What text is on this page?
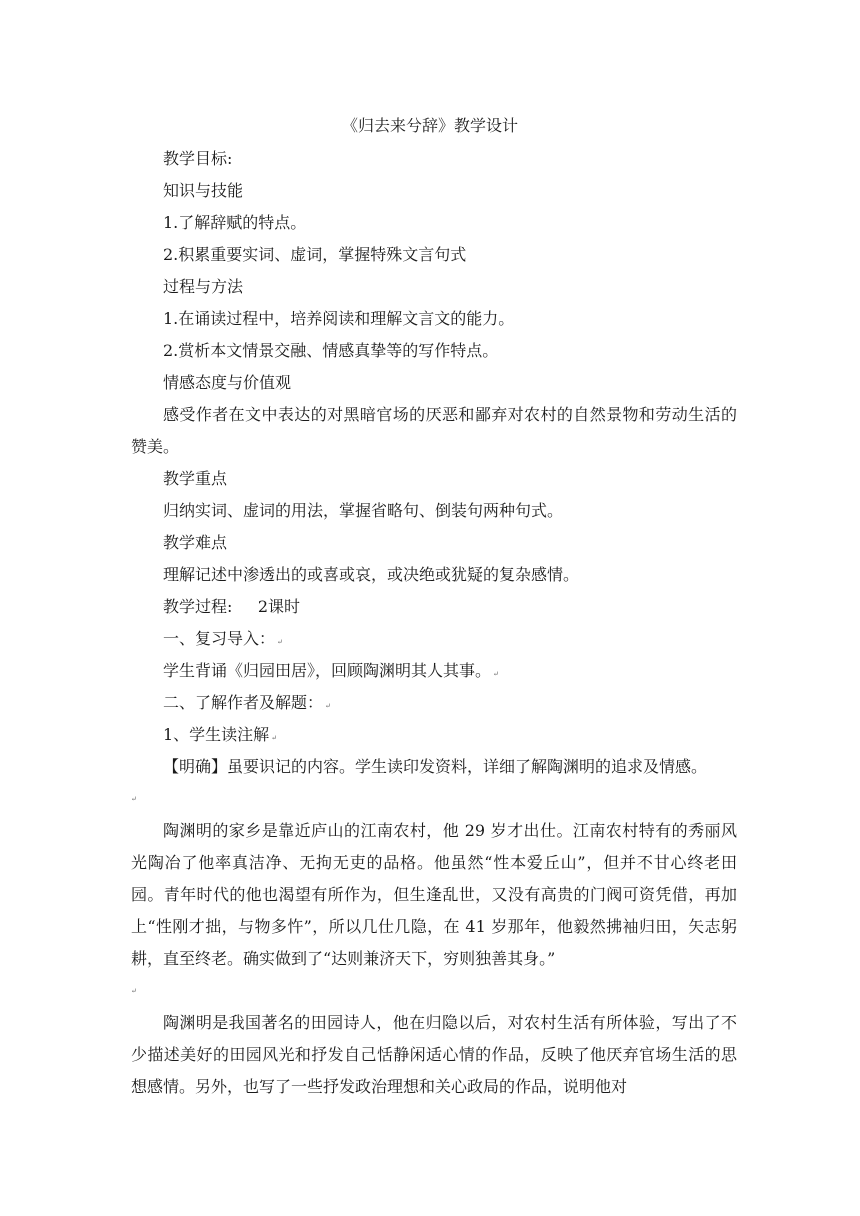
《归去来兮辞》教学设计
教学目标:
知识与技能
1.了解辞赋的特点。
2.积累重要实词、虚词，掌握特殊文言句式
过程与方法
1.在诵读过程中，培养阅读和理解文言文的能力。
2.赏析本文情景交融、情感真挚等的写作特点。
情感态度与价值观
感受作者在文中表达的对黑暗官场的厌恶和鄙弃对农村的自然景物和劳动生活的赞美。
教学重点
归纳实词、虚词的用法，掌握省略句、倒装句两种句式。
教学难点
理解记述中渗透出的或喜或哀，或决绝或犹疑的复杂感情。
教学过程:     2课时
一、复习导入： ↵
学生背诵《归园田居》，回顾陶渊明其人其事。 ↵
二、了解作者及解题： ↵
1、学生读注解 ↵
【明确】虽要识记的内容。学生读印发资料，详细了解陶渊明的追求及情感。
↵
陶渊明的家乡是靠近庐山的江南农村，他 29 岁才出仕。江南农村特有的秀丽风光陶冶了他率真洁净、无拘无吏的品格。他虽然“性本爱丘山”，但并不甘心终老田园。青年时代的他也渴望有所作为，但生逢乱世，又没有高贵的门阀可资凭借，再加上“性刚才拙，与物多忤”，所以几仕几隐，在 41 岁那年，他毅然拂袖归田，矢志躬耕，直至终老。确实做到了“达则兼济天下，穷则独善其身。”
↵
陶渊明是我国著名的田园诗人，他在归隐以后，对农村生活有所体验，写出了不少描述美好的田园风光和抒发自己恬静闲适心情的作品，反映了他厌弃官场生活的思想感情。另外，也写了一些抒发政治理想和关心政局的作品，说明他对
